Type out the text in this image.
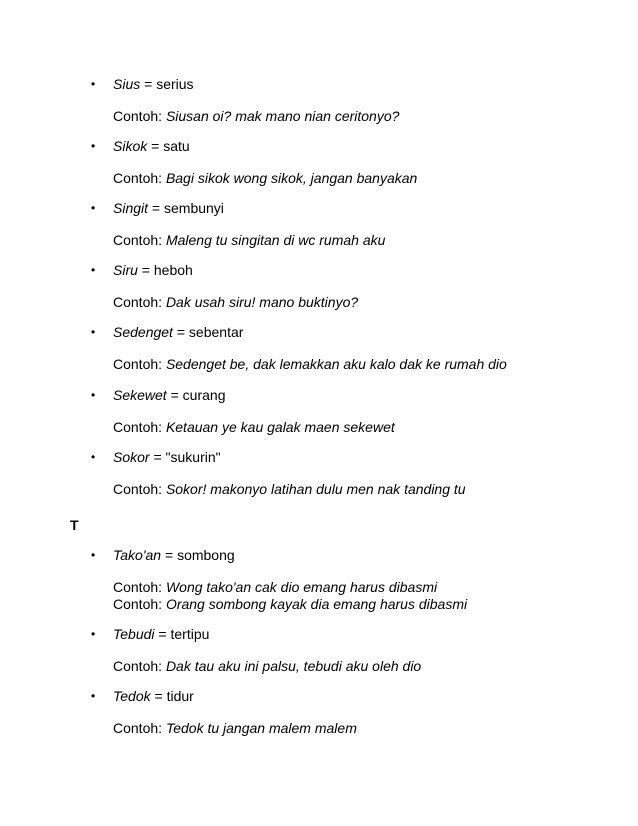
T
•	Sius = serius
Contoh: Siusan oi? mak mano nian ceritonyo?
•	Sikok = satu
Contoh: Bagi sikok wong sikok, jangan banyakan
•	Singit = sembunyi
Contoh: Maleng tu singitan di wc rumah aku
•	Siru = heboh
Contoh: Dak usah siru! mano buktinyo?
•	Sedenget = sebentar
Contoh: Sedenget be, dak lemakkan aku kalo dak ke rumah dio
•	Sekewet = curang
Contoh: Ketauan ye kau galak maen sekewet
•	Sokor = "sukurin"
Contoh: Sokor! makonyo latihan dulu men nak tanding tu
•	Tako'an = sombong
Contoh: Wong tako'an cak dio emang harus dibasmi
Contoh: Orang sombong kayak dia emang harus dibasmi
•	Tebudi = tertipu
Contoh: Dak tau aku ini palsu, tebudi aku oleh dio
•	Tedok = tidur
Contoh: Tedok tu jangan malem malem
